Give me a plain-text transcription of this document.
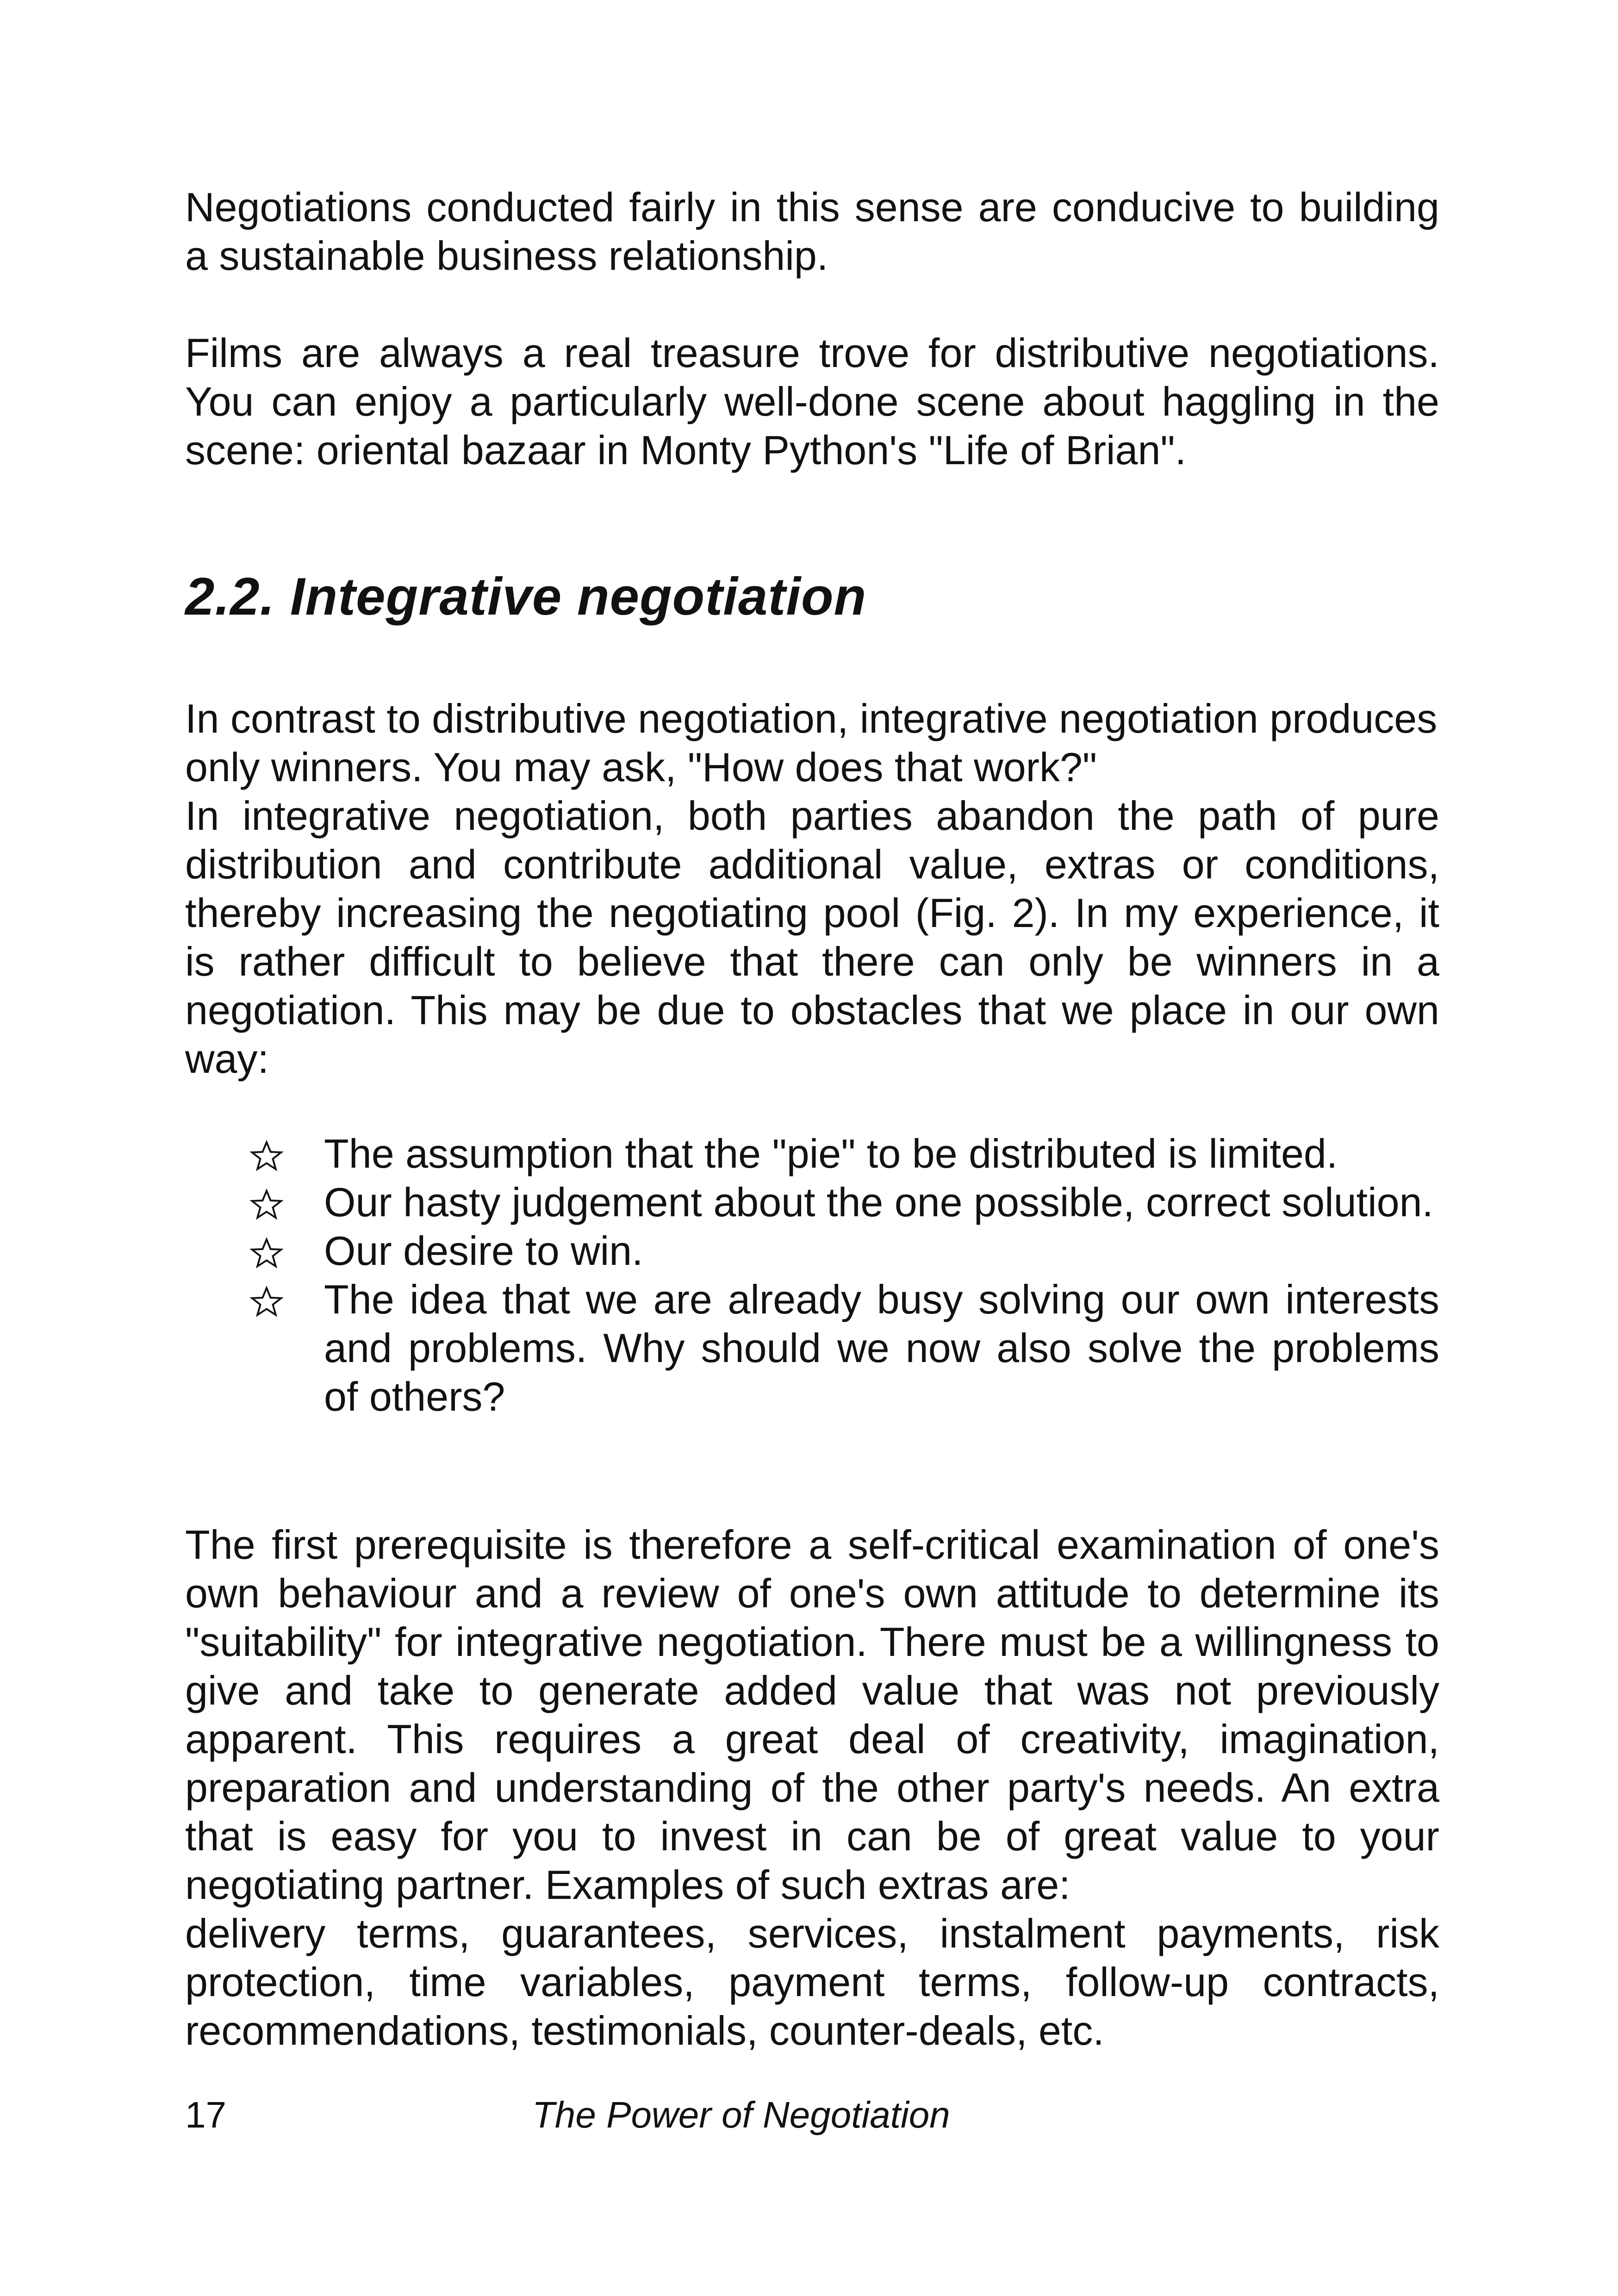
Negotiations conducted fairly in this sense are conducive to building a sustainable business relationship.

Films are always a real treasure trove for distributive negotiations. You can enjoy a particularly well-done scene about haggling in the scene: oriental bazaar in Monty Python's "Life of Brian".

2.2. Integrative negotiation
In contrast to distributive negotiation, integrative negotiation produces only winners. You may ask, "How does that work?"
In integrative negotiation, both parties abandon the path of pure distribution and contribute additional value, extras or conditions, thereby increasing the negotiating pool (Fig. 2). In my experience, it is rather difficult to believe that there can only be winners in a negotiation. This may be due to obstacles that we place in our own way:
The assumption that the "pie" to be distributed is limited.
Our hasty judgement about the one possible, correct solution.
Our desire to win.
The idea that we are already busy solving our own interests and problems. Why should we now also solve the problems of others?
The first prerequisite is therefore a self-critical examination of one's own behaviour and a review of one's own attitude to determine its "suitability" for integrative negotiation. There must be a willingness to give and take to generate added value that was not previously apparent. This requires a great deal of creativity, imagination, preparation and understanding of the other party's needs. An extra that is easy for you to invest in can be of great value to your negotiating partner. Examples of such extras are:
delivery terms, guarantees, services, instalment payments, risk protection, time variables, payment terms, follow-up contracts, recommendations, testimonials, counter-deals, etc.
17	The Power of Negotiation
